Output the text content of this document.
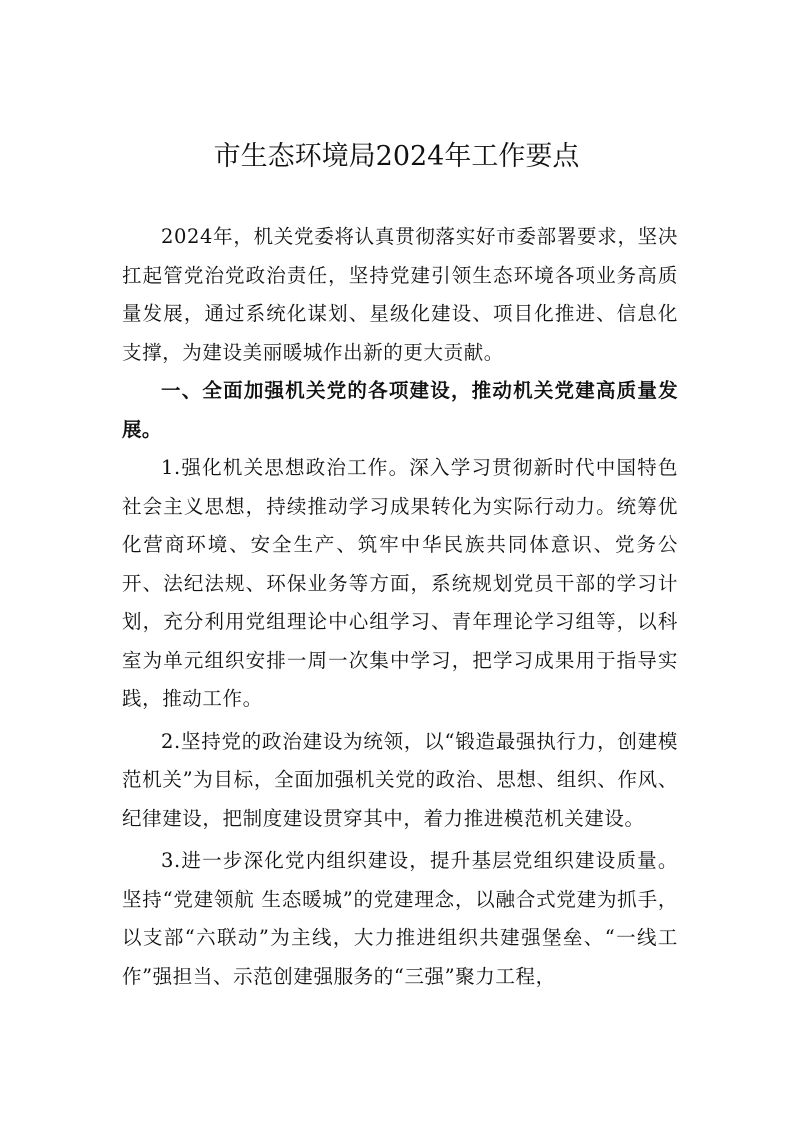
市生态环境局2024年工作要点

2024年，机关党委将认真贯彻落实好市委部署要求，坚决扛起管党治党政治责任，坚持党建引领生态环境各项业务高质量发展，通过系统化谋划、星级化建设、项目化推进、信息化支撑，为建设美丽暖城作出新的更大贡献。

一、全面加强机关党的各项建设，推动机关党建高质量发展。

1.强化机关思想政治工作。深入学习贯彻新时代中国特色社会主义思想，持续推动学习成果转化为实际行动力。统筹优化营商环境、安全生产、筑牢中华民族共同体意识、党务公开、法纪法规、环保业务等方面，系统规划党员干部的学习计划，充分利用党组理论中心组学习、青年理论学习组等，以科室为单元组织安排一周一次集中学习，把学习成果用于指导实践，推动工作。

2.坚持党的政治建设为统领，以“锻造最强执行力，创建模范机关”为目标，全面加强机关党的政治、思想、组织、作风、纪律建设，把制度建设贯穿其中，着力推进模范机关建设。

3.进一步深化党内组织建设，提升基层党组织建设质量。坚持“党建领航 生态暖城”的党建理念，以融合式党建为抓手，以支部“六联动”为主线，大力推进组织共建强堡垒、“一线工作”强担当、示范创建强服务的“三强”聚力工程，
